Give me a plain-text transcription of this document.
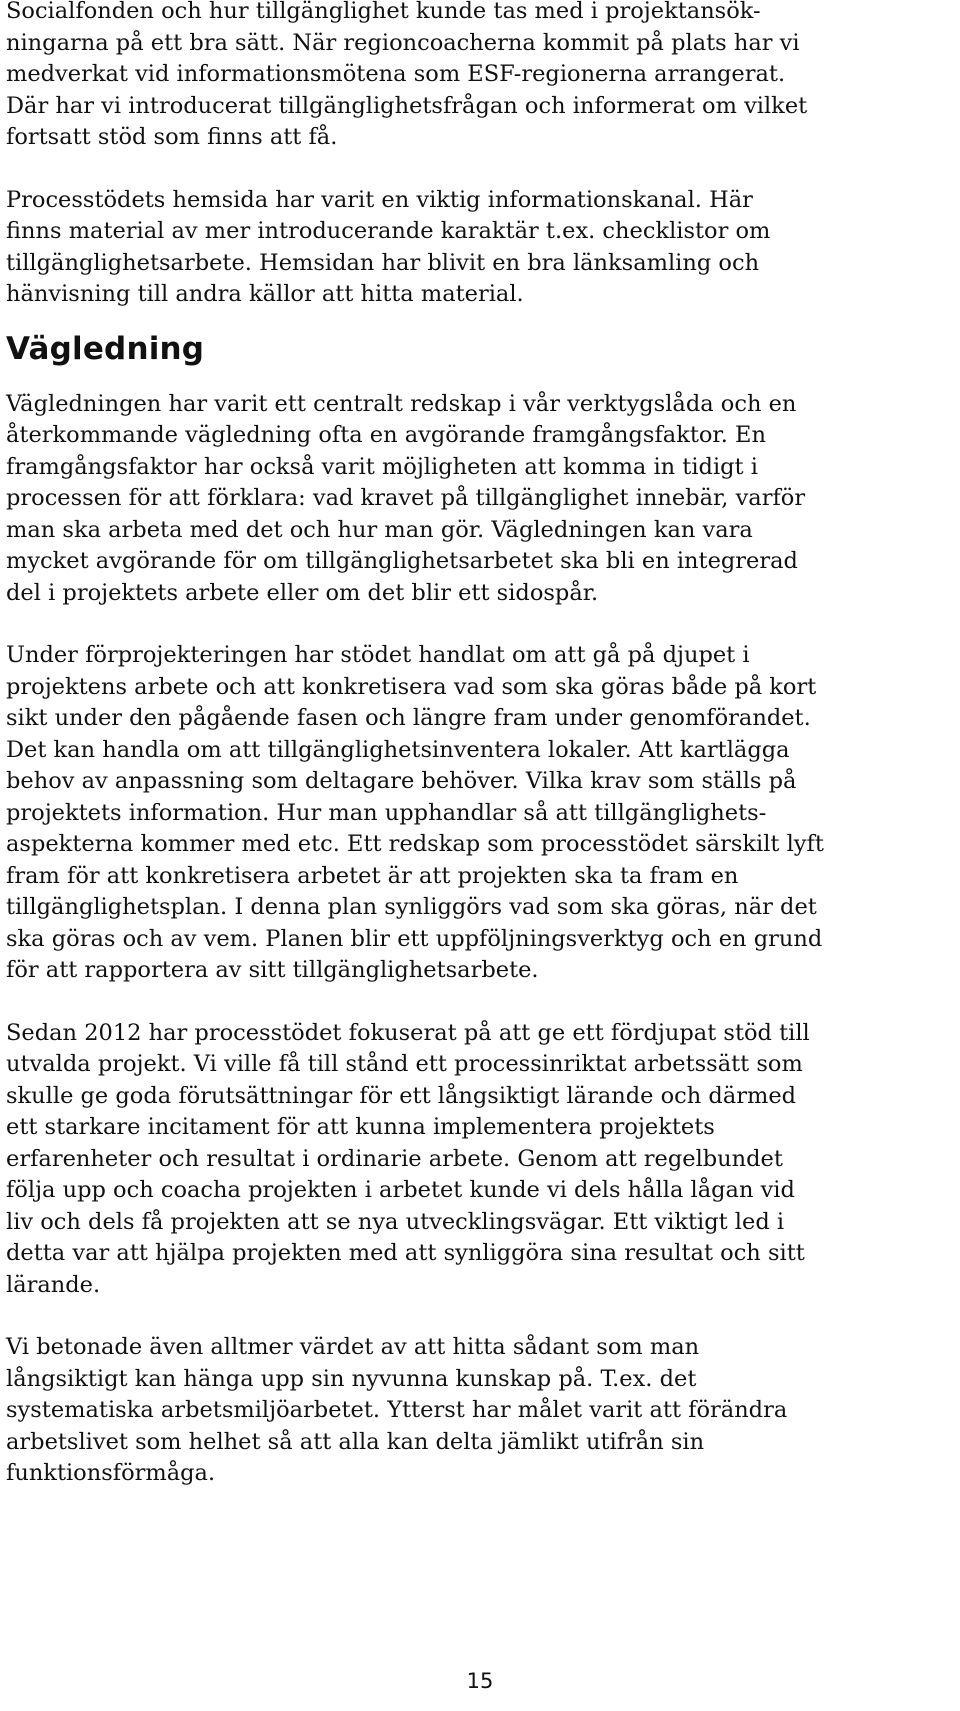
Socialfonden och hur tillgänglighet kunde tas med i projektansök-
ningarna på ett bra sätt. När regioncoacherna kommit på plats har vi
medverkat vid informationsmötena som ESF-regionerna arrangerat.
Där har vi introducerat tillgänglighetsfrågan och informerat om vilket
fortsatt stöd som finns att få.

Processtödets hemsida har varit en viktig informationskanal. Här
finns material av mer introducerande karaktär t.ex. checklistor om
tillgänglighetsarbete. Hemsidan har blivit en bra länksamling och
hänvisning till andra källor att hitta material.

Vägledning

Vägledningen har varit ett centralt redskap i vår verktygslåda och en
återkommande vägledning ofta en avgörande framgångsfaktor. En
framgångsfaktor har också varit möjligheten att komma in tidigt i
processen för att förklara: vad kravet på tillgänglighet innebär, varför
man ska arbeta med det och hur man gör. Vägledningen kan vara
mycket avgörande för om tillgänglighetsarbetet ska bli en integrerad
del i projektets arbete eller om det blir ett sidospår.

Under förprojekteringen har stödet handlat om att gå på djupet i
projektens arbete och att konkretisera vad som ska göras både på kort
sikt under den pågående fasen och längre fram under genomförandet.
Det kan handla om att tillgänglighetsinventera lokaler. Att kartlägga
behov av anpassning som deltagare behöver. Vilka krav som ställs på
projektets information. Hur man upphandlar så att tillgänglighets-
aspekterna kommer med etc. Ett redskap som processtödet särskilt lyft
fram för att konkretisera arbetet är att projekten ska ta fram en
tillgänglighetsplan. I denna plan synliggörs vad som ska göras, när det
ska göras och av vem. Planen blir ett uppföljningsverktyg och en grund
för att rapportera av sitt tillgänglighetsarbete.

Sedan 2012 har processtödet fokuserat på att ge ett fördjupat stöd till
utvalda projekt. Vi ville få till stånd ett processinriktat arbetssätt som
skulle ge goda förutsättningar för ett långsiktigt lärande och därmed
ett starkare incitament för att kunna implementera projektets
erfarenheter och resultat i ordinarie arbete. Genom att regelbundet
följa upp och coacha projekten i arbetet kunde vi dels hålla lågan vid
liv och dels få projekten att se nya utvecklingsvägar. Ett viktigt led i
detta var att hjälpa projekten med att synliggöra sina resultat och sitt
lärande.

Vi betonade även alltmer värdet av att hitta sådant som man
långsiktigt kan hänga upp sin nyvunna kunskap på. T.ex. det
systematiska arbetsmiljöarbetet. Ytterst har målet varit att förändra
arbetslivet som helhet så att alla kan delta jämlikt utifrån sin
funktionsförmåga.

15
